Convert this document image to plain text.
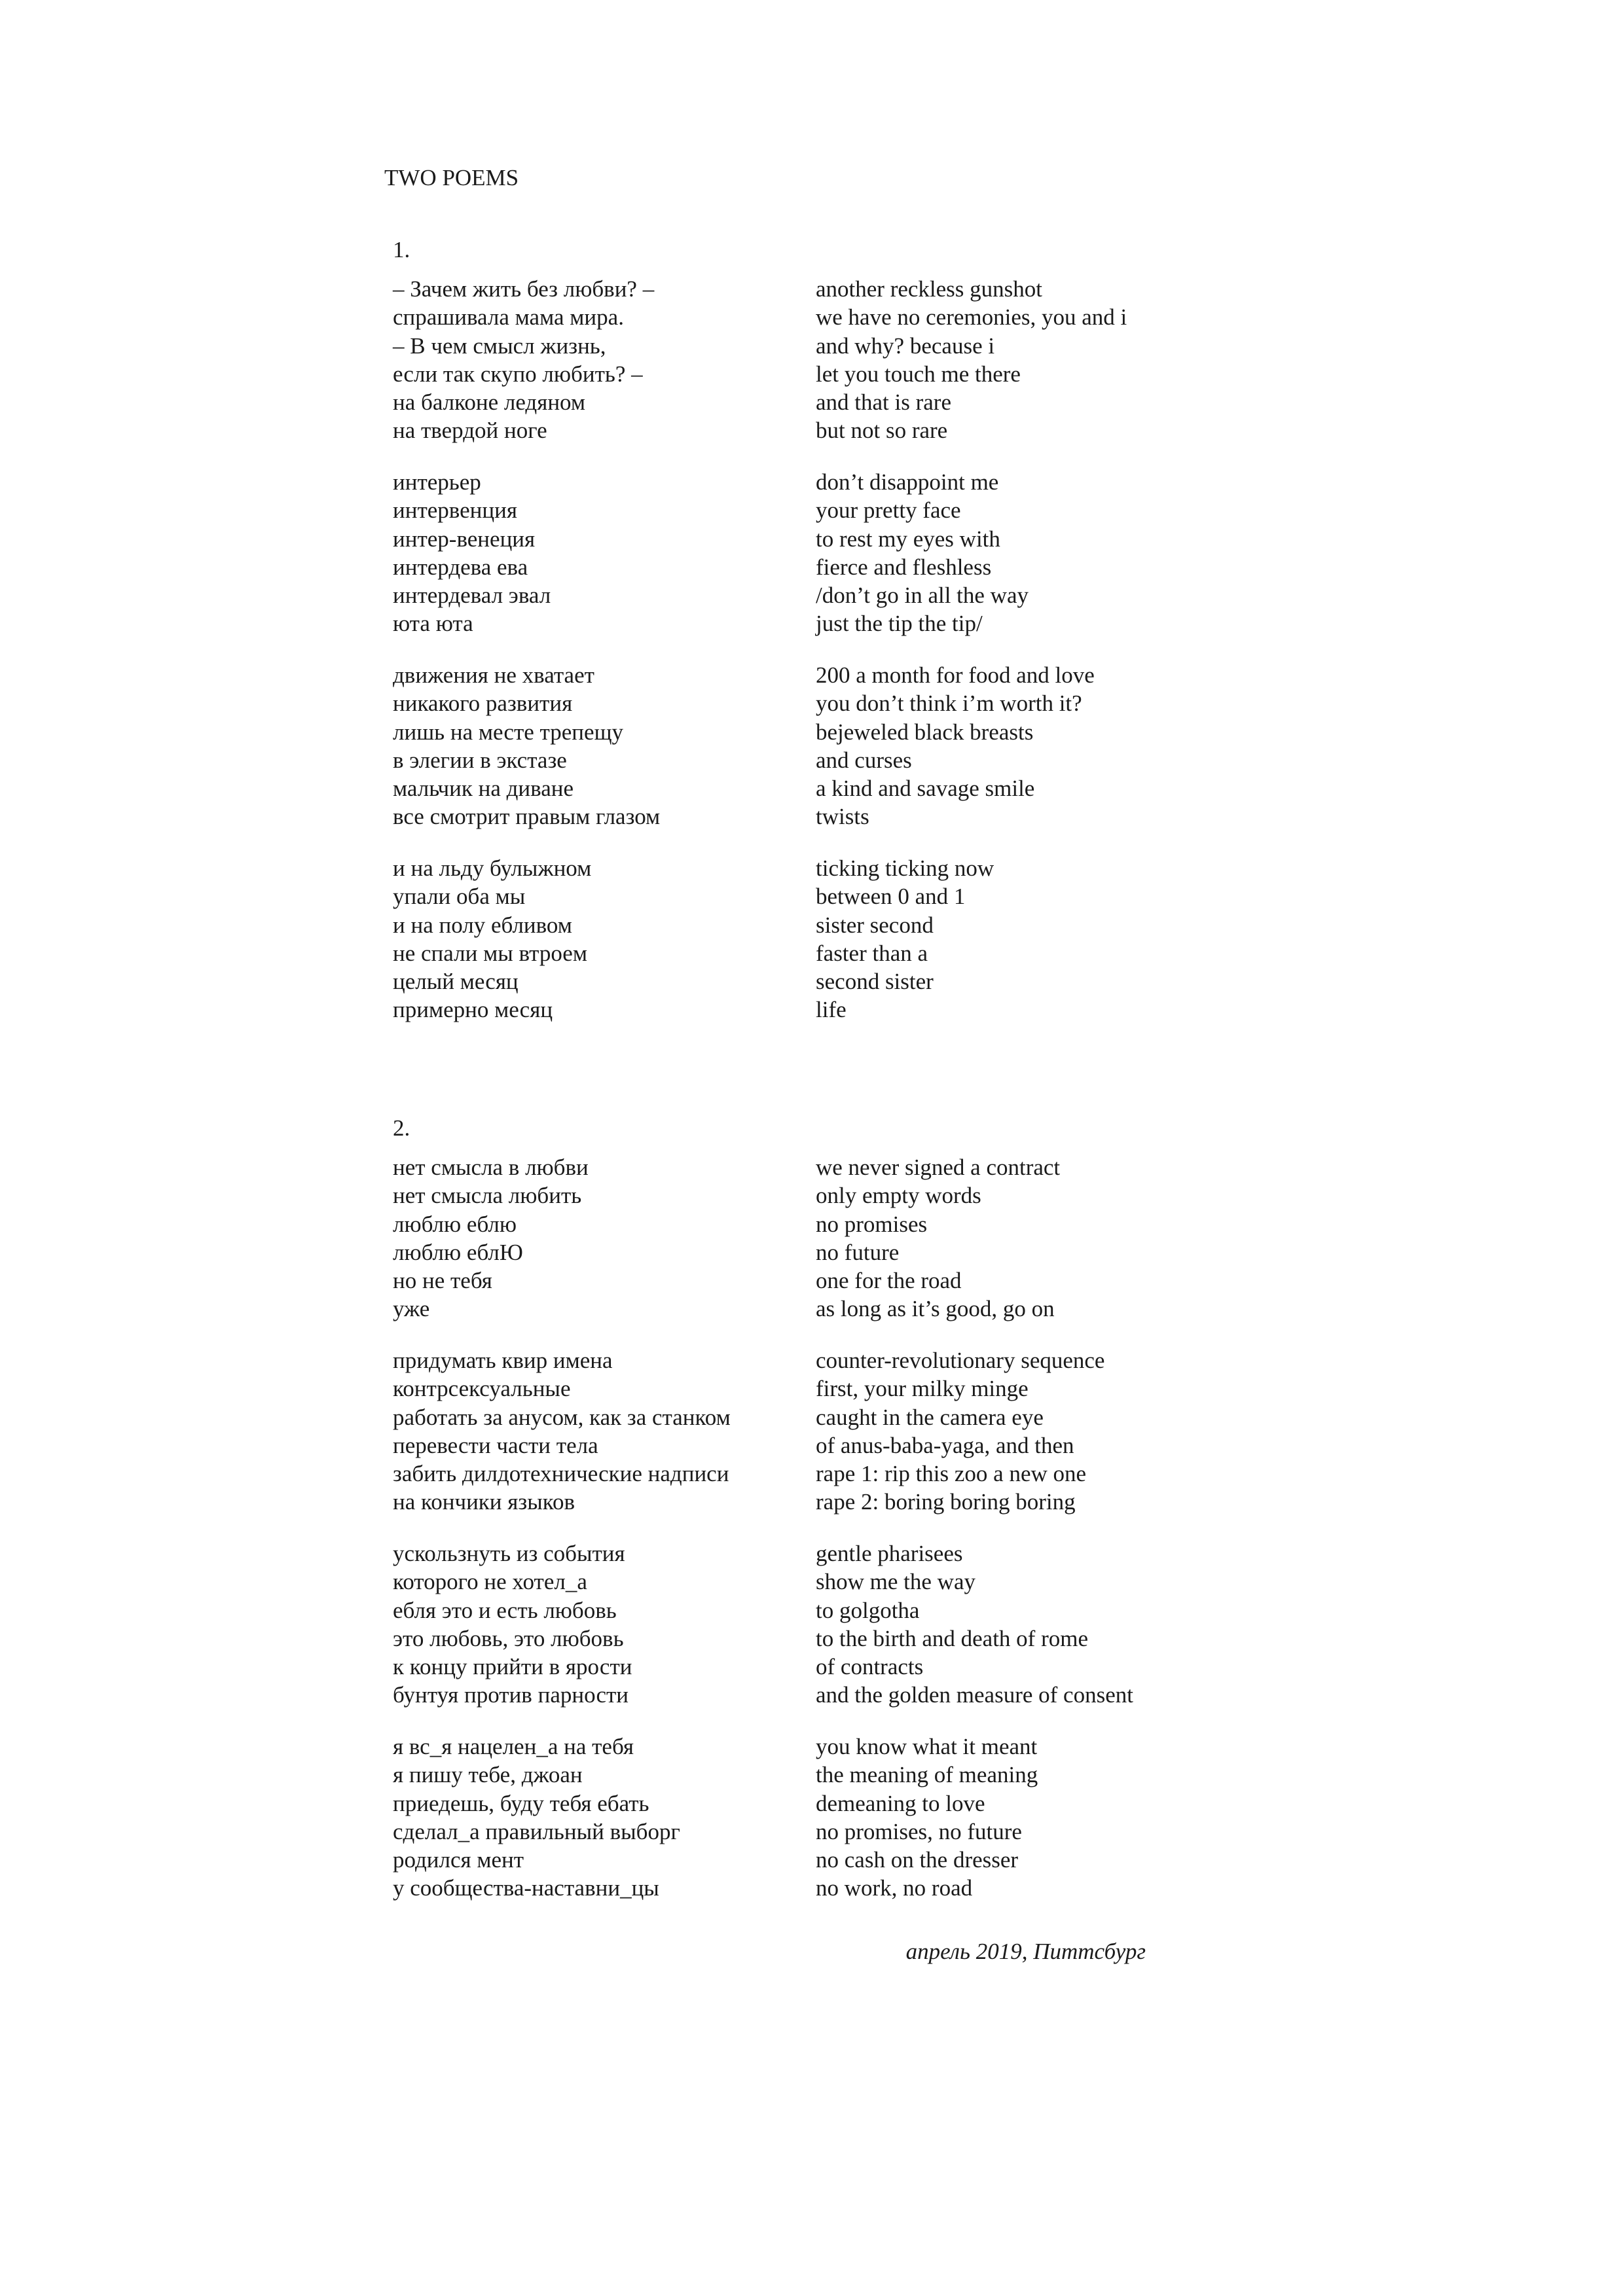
TWO POEMS
1.
– Зачем жить без любви? –
спрашивала мама мира.
– В чем смысл жизнь,
если так скупо любить? –
на балконе ледяном
на твердой ноге
интерьер
интервенция
интер-венеция
интердева ева
интердевал эвал
юта юта
движения не хватает
никакого развития
лишь на месте трепещу
в элегии в экстазе
мальчик на диване
все смотрит правым глазом
и на льду булыжном
упали оба мы
и на полу ебливом
не спали мы втроем
целый месяц
примерно месяц
another reckless gunshot
we have no ceremonies, you and i
and why? because i
let you touch me there
and that is rare
but not so rare
don’t disappoint me
your pretty face
to rest my eyes with
fierce and fleshless
/don’t go in all the way
just the tip the tip/
200 a month for food and love
you don’t think i’m worth it?
bejeweled black breasts
and curses
a kind and savage smile
twists
ticking ticking now
between 0 and 1
sister second
faster than a
second sister
life
2.
нет смысла в любви
нет смысла любить
люблю еблю
люблю еблЮ
но не тебя
уже
придумать квир имена
контрсексуальные
работать за анусом, как за станком
перевести части тела
забить дилдотехнические надписи
на кончики языков
ускользнуть из события
которого не хотел_а
ебля это и есть любовь
это любовь, это любовь
к концу прийти в ярости
бунтуя против парности
я вс_я нацелен_а на тебя
я пишу тебе, джоан
приедешь, буду тебя ебать
сделал_а правильный выборг
родился мент
у сообщества-наставни_цы
we never signed a contract
only empty words
no promises
no future
one for the road
as long as it’s good, go on
counter-revolutionary sequence
first, your milky minge
caught in the camera eye
of anus-baba-yaga, and then
rape 1: rip this zoo a new one
rape 2: boring boring boring
gentle pharisees
show me the way
to golgotha
to the birth and death of rome
of contracts
and the golden measure of consent
you know what it meant
the meaning of meaning
demeaning to love
no promises, no future
no cash on the dresser
no work, no road
апрель 2019, Питтсбург
